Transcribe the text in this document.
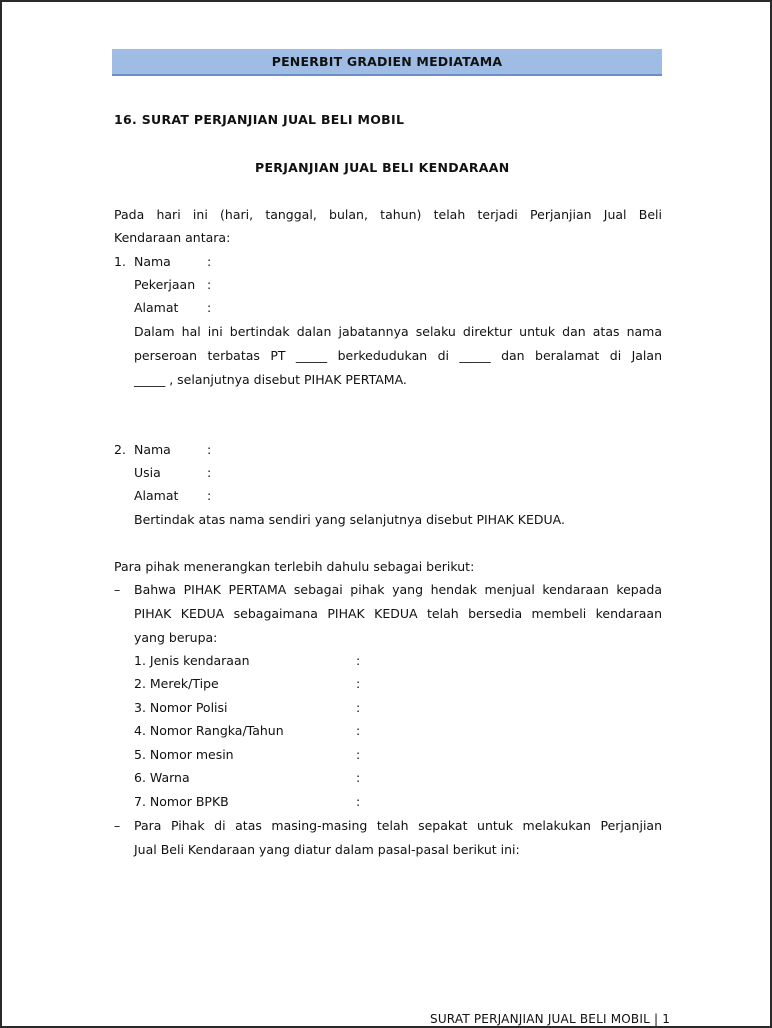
PENERBIT GRADIEN MEDIATAMA
16. SURAT PERJANJIAN JUAL BELI MOBIL
PERJANJIAN JUAL BELI KENDARAAN
Pada hari ini (hari, tanggal, bulan, tahun) telah terjadi Perjanjian Jual Beli
Kendaraan antara:
1. Nama	:
Pekerjaan :
Alamat :
Dalam hal ini bertindak dalan jabatannya selaku direktur untuk dan atas nama
perseroan terbatas PT _____ berkedudukan di _____ dan beralamat di Jalan
_____ , selanjutnya disebut PIHAK PERTAMA.
2. Nama	:
Usia	:
Alamat :
Bertindak atas nama sendiri yang selanjutnya disebut PIHAK KEDUA.
Para pihak menerangkan terlebih dahulu sebagai berikut:
– Bahwa PIHAK PERTAMA sebagai pihak yang hendak menjual kendaraan kepada
PIHAK KEDUA sebagaimana PIHAK KEDUA telah bersedia membeli kendaraan
yang berupa:
1. Jenis kendaraan	:
2. Merek/Tipe	:
3. Nomor Polisi	:
4. Nomor Rangka/Tahun	:
5. Nomor mesin	:
6. Warna	:
7. Nomor BPKB	:
– Para Pihak di atas masing-masing telah sepakat untuk melakukan Perjanjian
Jual Beli Kendaraan yang diatur dalam pasal-pasal berikut ini:
SURAT PERJANJIAN JUAL BELI MOBIL | 1
